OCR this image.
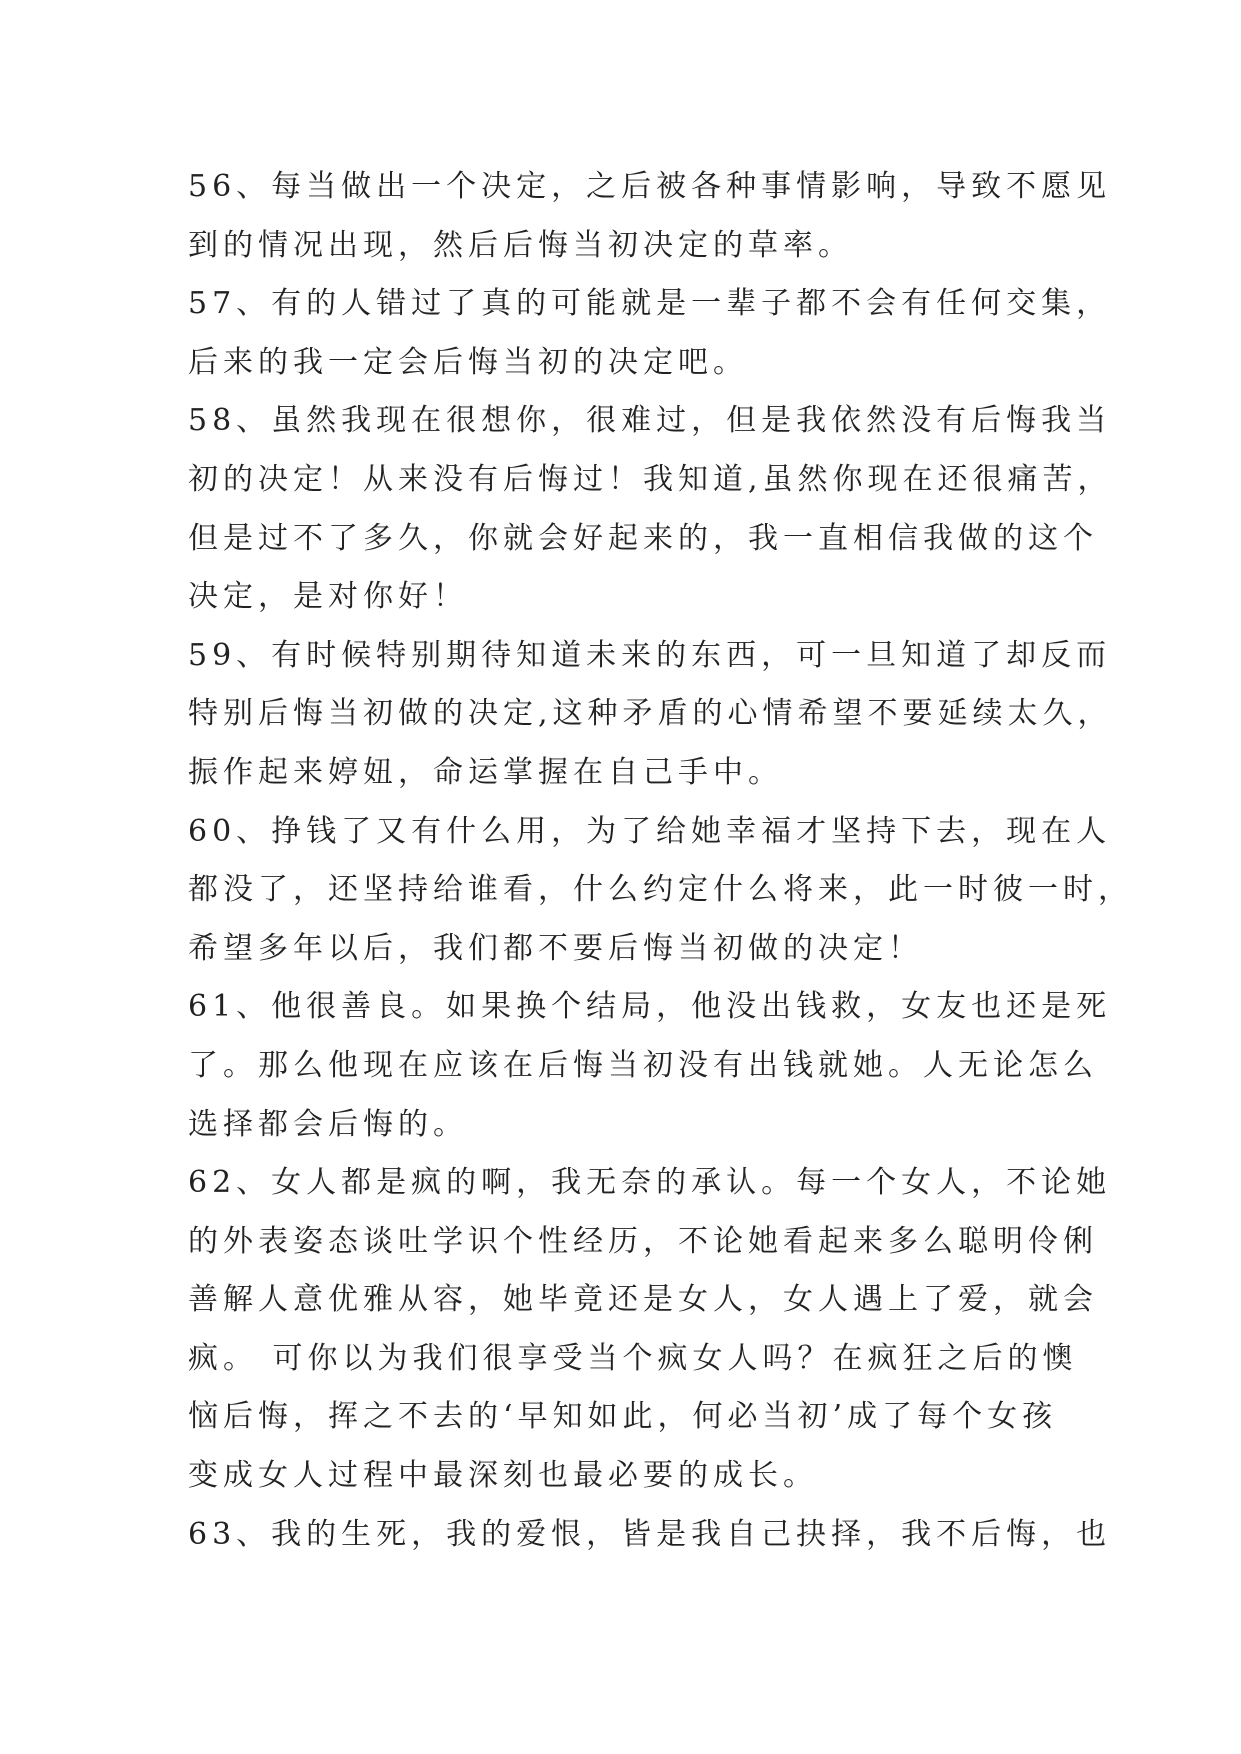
56、每当做出一个决定，之后被各种事情影响，导致不愿见
到的情况出现，然后后悔当初决定的草率。
57、有的人错过了真的可能就是一辈子都不会有任何交集，
后来的我一定会后悔当初的决定吧。
58、虽然我现在很想你，很难过，但是我依然没有后悔我当
初的决定！从来没有后悔过！我知道,虽然你现在还很痛苦，
但是过不了多久，你就会好起来的，我一直相信我做的这个
决定，是对你好！
59、有时候特别期待知道未来的东西，可一旦知道了却反而
特别后悔当初做的决定,这种矛盾的心情希望不要延续太久，
振作起来婷妞，命运掌握在自己手中。
60、挣钱了又有什么用，为了给她幸福才坚持下去，现在人
都没了，还坚持给谁看，什么约定什么将来，此一时彼一时，
希望多年以后，我们都不要后悔当初做的决定！
61、他很善良。如果换个结局，他没出钱救，女友也还是死
了。那么他现在应该在后悔当初没有出钱就她。人无论怎么
选择都会后悔的。
62、女人都是疯的啊，我无奈的承认。每一个女人，不论她
的外表姿态谈吐学识个性经历，不论她看起来多么聪明伶俐
善解人意优雅从容，她毕竟还是女人，女人遇上了爱，就会
疯。 可你以为我们很享受当个疯女人吗？在疯狂之后的懊
恼后悔，挥之不去的‘早知如此，何必当初’成了每个女孩
变成女人过程中最深刻也最必要的成长。
63、我的生死，我的爱恨，皆是我自己抉择，我不后悔，也
